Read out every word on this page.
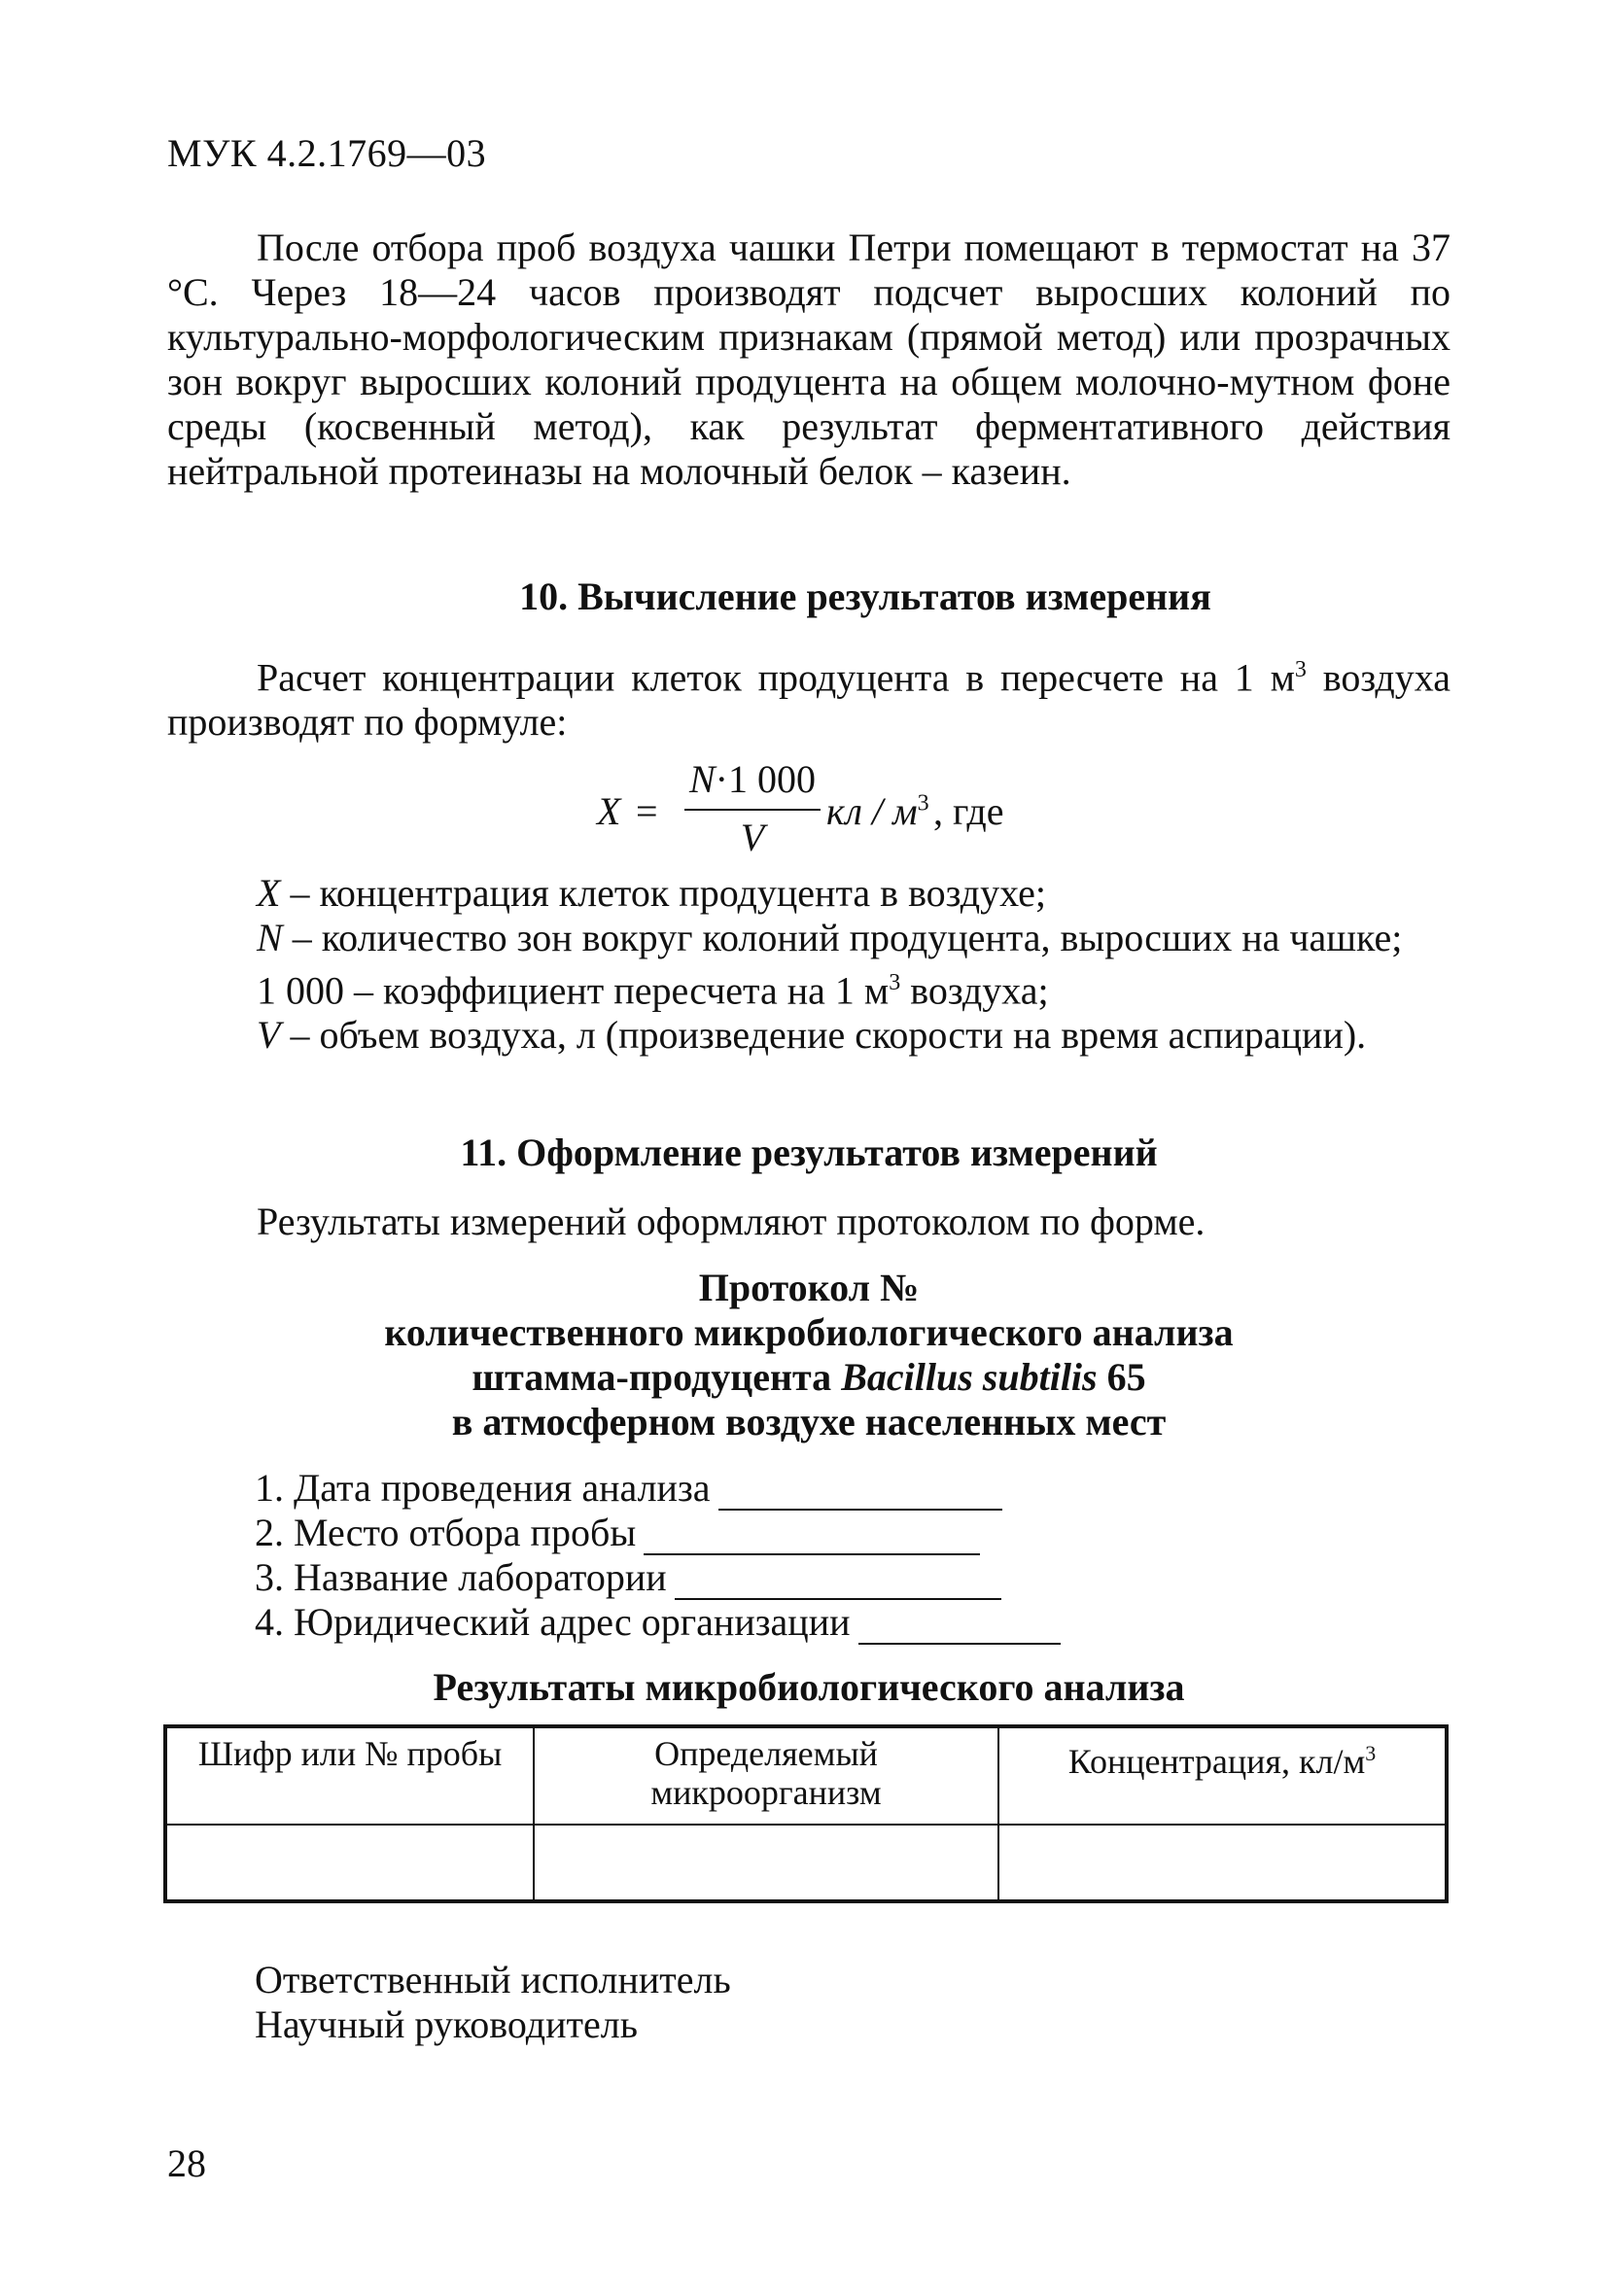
МУК 4.2.1769—03
После отбора проб воздуха чашки Петри помещают в термостат на 37 °С. Через 18—24 часов производят подсчет выросших колоний по культурально-морфологическим признакам (прямой метод) или прозрачных зон вокруг выросших колоний продуцента на общем молочно-мутном фоне среды (косвенный метод), как результат ферментативного действия нейтральной протеиназы на молочный белок – казеин.
10. Вычисление результатов измерения
Расчет концентрации клеток продуцента в пересчете на 1 $м^3$ воздуха производят по формуле:
X =
N·1 000
V
кл / $м^3$ , где
X – концентрация клеток продуцента в воздухе;
N – количество зон вокруг колоний продуцента, выросших на чашке;
1 000 – коэффициент пересчета на 1 $м^3$ воздуха;
V – объем воздуха, л (произведение скорости на время аспирации).
11. Оформление результатов измерений
Результаты измерений оформляют протоколом по форме.
Протокол №
количественного микробиологического анализа
штамма-продуцента Bacillus subtilis 65
в атмосферном воздухе населенных мест
1. Дата проведения анализа
2. Место отбора пробы
3. Название лаборатории
4. Юридический адрес организации
Результаты микробиологического анализа
Шифр или № пробы	Определяемый микроорганизм	Концентрация, $кл/м^3$

Ответственный исполнитель
Научный руководитель
28
